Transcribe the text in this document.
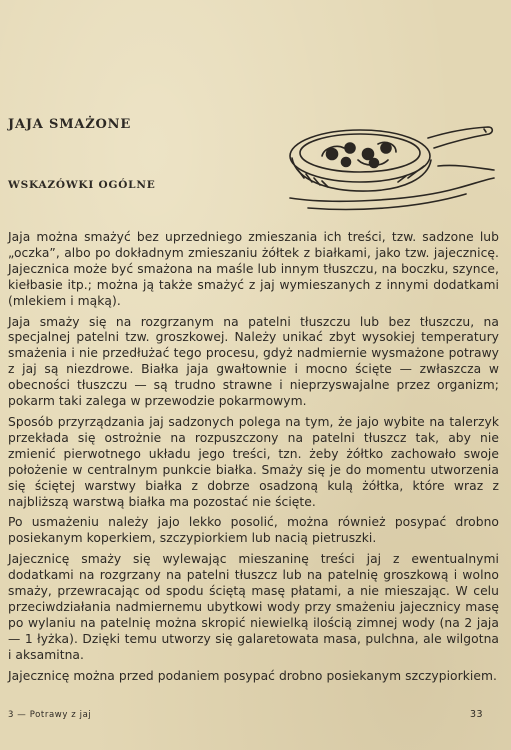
JAJA SMAŻONE
WSKAZÓWKI OGÓLNE

Jaja można smażyć bez uprzedniego zmieszania ich treści, tzw. sadzone lub „oczka”, albo po dokładnym zmieszaniu żółtek z białkami, jako tzw. jajecznicę. Jajecznica może być smażona na maśle lub innym tłuszczu, na boczku, szynce, kiełbasie itp.; można ją także smażyć z jaj wymieszanych z innymi dodatkami (mlekiem i mąką).

Jaja smaży się na rozgrzanym na patelni tłuszczu lub bez tłuszczu, na specjalnej patelni tzw. groszkowej. Należy unikać zbyt wysokiej temperatury smażenia i nie przedłużać tego procesu, gdyż nadmiernie wysmażone potrawy z jaj są niezdrowe. Białka jaja gwałtownie i mocno ścięte — zwłaszcza w obecności tłuszczu — są trudno strawne i nieprzyswajalne przez organizm; pokarm taki zalega w przewodzie pokarmowym.

Sposób przyrządzania jaj sadzonych polega na tym, że jajo wybite na talerzyk przekłada się ostrożnie na rozpuszczony na patelni tłuszcz tak, aby nie zmienić pierwotnego układu jego treści, tzn. żeby żółtko zachowało swoje położenie w centralnym punkcie białka. Smaży się je do momentu utworzenia się ściętej warstwy białka z dobrze osadzoną kulą żółtka, które wraz z najbliższą warstwą białka ma pozostać nie ścięte.

Po usmażeniu należy jajo lekko posolić, można również posypać drobno posiekanym koperkiem, szczypiorkiem lub nacią pietruszki.

Jajecznicę smaży się wylewając mieszaninę treści jaj z ewentualnymi dodatkami na rozgrzany na patelni tłuszcz lub na patelnię groszkową i wolno smaży, przewracając od spodu ściętą masę płatami, a nie mieszając. W celu przeciwdziałania nadmiernemu ubytkowi wody przy smażeniu jajecznicy masę po wylaniu na patelnię można skropić niewielką ilością zimnej wody (na 2 jaja — 1 łyżka). Dzięki temu utworzy się galaretowata masa, pulchna, ale wilgotna i aksamitna.

Jajecznicę można przed podaniem posypać drobno posiekanym szczypiorkiem.

3 — Potrawy z jaj	33
